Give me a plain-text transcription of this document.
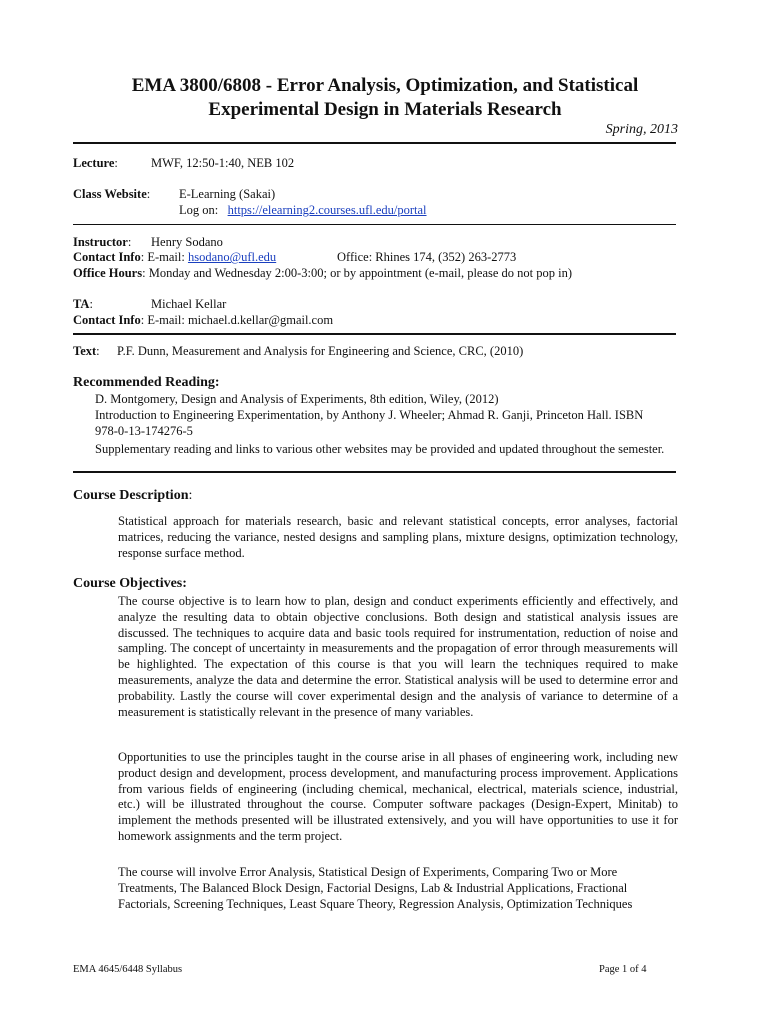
EMA 3800/6808 - Error Analysis, Optimization, and Statistical
Experimental Design in Materials Research
Spring, 2013
Lecture:	MWF, 12:50-1:40, NEB 102
Class Website: E-Learning (Sakai)
Log on: https://elearning2.courses.ufl.edu/portal
Instructor: Henry Sodano
Contact Info: E-mail: hsodano@ufl.edu	Office: Rhines 174, (352) 263-2773
Office Hours: Monday and Wednesday 2:00-3:00; or by appointment (e-mail, please do not pop in)
TA:	Michael Kellar
Contact Info: E-mail: michael.d.kellar@gmail.com
Text: P.F. Dunn, Measurement and Analysis for Engineering and Science, CRC, (2010)
Recommended Reading:
D. Montgomery, Design and Analysis of Experiments, 8th edition, Wiley, (2012)
Introduction to Engineering Experimentation, by Anthony J. Wheeler; Ahmad R. Ganji, Princeton Hall. ISBN
978-0-13-174276-5
Supplementary reading and links to various other websites may be provided and updated throughout the semester.
Course Description:
Statistical approach for materials research, basic and relevant statistical concepts, error analyses, factorial matrices, reducing the variance, nested designs and sampling plans, mixture designs, optimization technology, response surface method.
Course Objectives:
The course objective is to learn how to plan, design and conduct experiments efficiently and effectively, and analyze the resulting data to obtain objective conclusions. Both design and statistical analysis issues are discussed. The techniques to acquire data and basic tools required for instrumentation, reduction of noise and sampling. The concept of uncertainty in measurements and the propagation of error through measurements will be highlighted. The expectation of this course is that you will learn the techniques required to make measurements, analyze the data and determine the error. Statistical analysis will be used to determine error and probability. Lastly the course will cover experimental design and the analysis of variance to determine of a measurement is statistically relevant in the presence of many variables.
Opportunities to use the principles taught in the course arise in all phases of engineering work, including new product design and development, process development, and manufacturing process improvement. Applications from various fields of engineering (including chemical, mechanical, electrical, materials science, industrial, etc.) will be illustrated throughout the course. Computer software packages (Design-Expert, Minitab) to implement the methods presented will be illustrated extensively, and you will have opportunities to use it for homework assignments and the term project.
The course will involve Error Analysis, Statistical Design of Experiments, Comparing Two or More Treatments, The Balanced Block Design, Factorial Designs, Lab & Industrial Applications, Fractional Factorials, Screening Techniques, Least Square Theory, Regression Analysis, Optimization Techniques
EMA 4645/6448 Syllabus	Page 1 of 4
